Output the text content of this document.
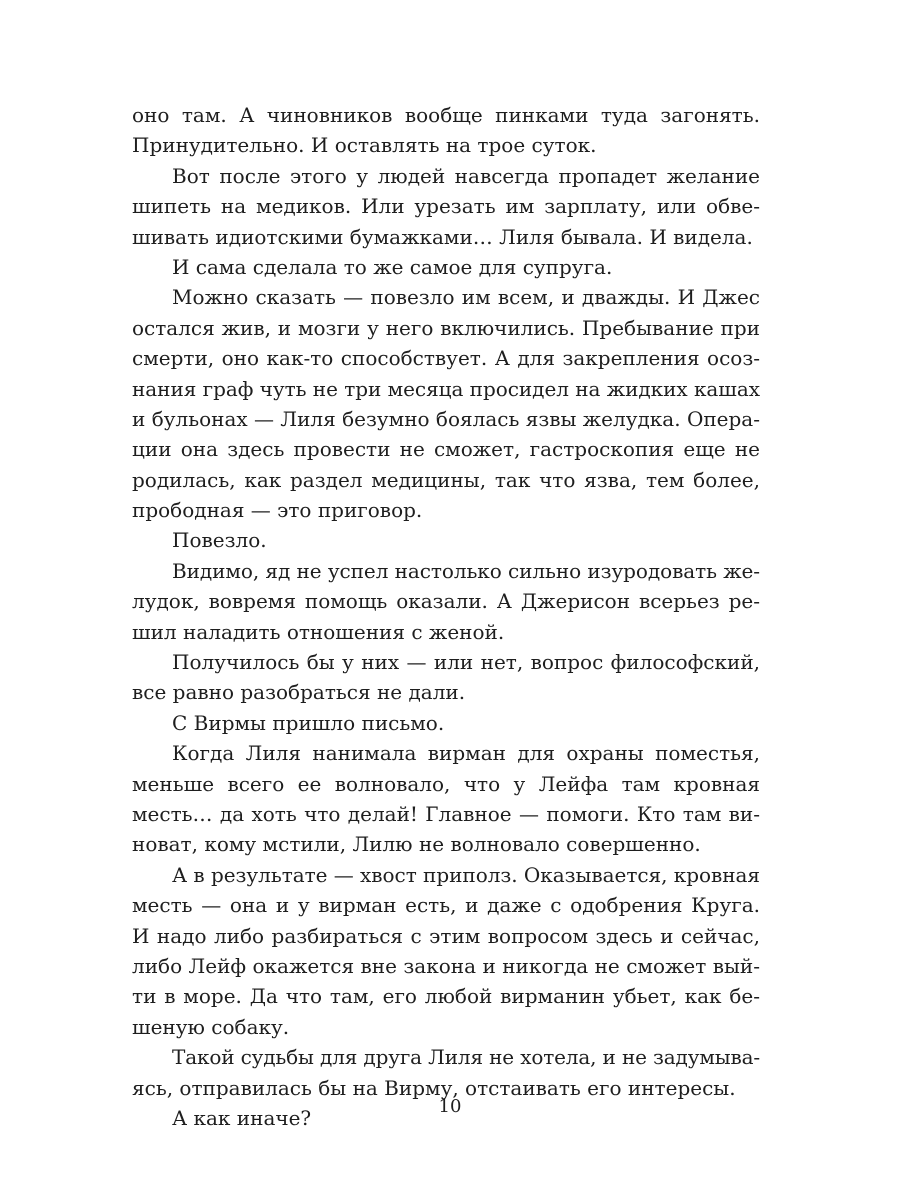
оно там. А чиновников вообще пинками туда загонять.
Принудительно. И оставлять на трое суток.
Вот после этого у людей навсегда пропадет желание
шипеть на медиков. Или урезать им зарплату, или обве-
шивать идиотскими бумажками… Лиля бывала. И видела.
И сама сделала то же самое для супруга.
Можно сказать — повезло им всем, и дважды. И Джес
остался жив, и мозги у него включились. Пребывание при
смерти, оно как-то способствует. А для закрепления осоз-
нания граф чуть не три месяца просидел на жидких кашах
и бульонах — Лиля безумно боялась язвы желудка. Опера-
ции она здесь провести не сможет, гастроскопия еще не
родилась, как раздел медицины, так что язва, тем более,
прободная — это приговор.
Повезло.
Видимо, яд не успел настолько сильно изуродовать же-
лудок, вовремя помощь оказали. А Джерисон всерьез ре-
шил наладить отношения с женой.
Получилось бы у них — или нет, вопрос философский,
все равно разобраться не дали.
С Вирмы пришло письмо.
Когда Лиля нанимала вирман для охраны поместья,
меньше всего ее волновало, что у Лейфа там кровная
месть… да хоть что делай! Главное — помоги. Кто там ви-
новат, кому мстили, Лилю не волновало совершенно.
А в результате — хвост приполз. Оказывается, кровная
месть — она и у вирман есть, и даже с одобрения Круга.
И надо либо разбираться с этим вопросом здесь и сейчас,
либо Лейф окажется вне закона и никогда не сможет вый-
ти в море. Да что там, его любой вирманин убьет, как бе-
шеную собаку.
Такой судьбы для друга Лиля не хотела, и не задумыва-
ясь, отправилась бы на Вирму, отстаивать его интересы.
А как иначе?	10
